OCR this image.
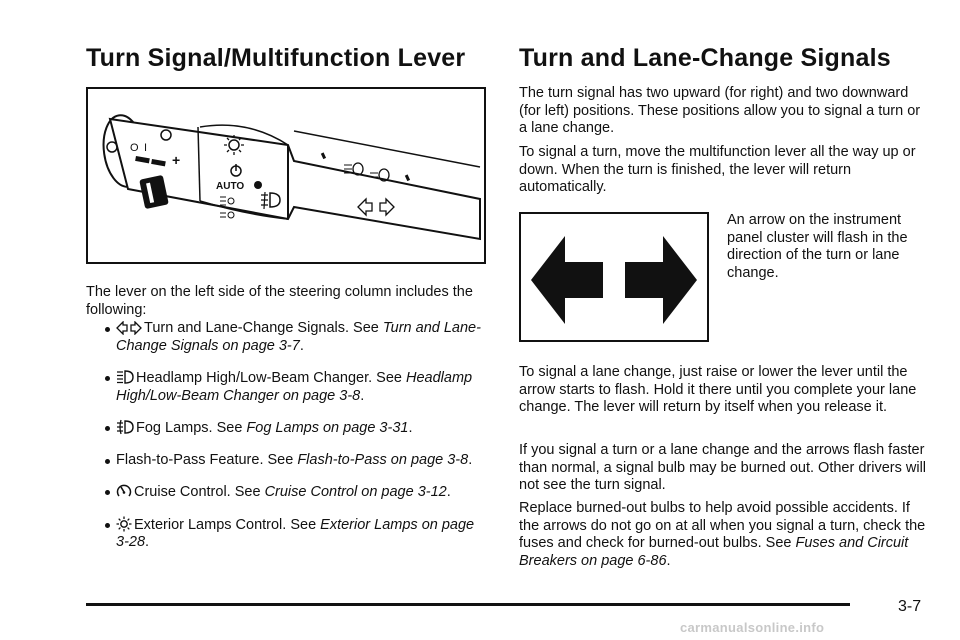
Turn Signal/Multifunction Lever
O I
+
AUTO

The lever on the left side of the steering column includes the following:

Turn and Lane-Change Signals. See Turn and Lane-Change Signals on page 3-7.
Headlamp High/Low-Beam Changer. See Headlamp High/Low-Beam Changer on page 3-8.
Fog Lamps. See Fog Lamps on page 3-31.
Flash-to-Pass Feature. See Flash-to-Pass on page 3-8.
Cruise Control. See Cruise Control on page 3-12.
Exterior Lamps Control. See Exterior Lamps on page 3-28.
Turn and Lane-Change Signals

The turn signal has two upward (for right) and two downward (for left) positions. These positions allow you to signal a turn or a lane change.

To signal a turn, move the multifunction lever all the way up or down. When the turn is finished, the lever will return automatically.

An arrow on the instrument panel cluster will flash in the direction of the turn or lane change.

To signal a lane change, just raise or lower the lever until the arrow starts to flash. Hold it there until you complete your lane change. The lever will return by itself when you release it.

If you signal a turn or a lane change and the arrows flash faster than normal, a signal bulb may be burned out. Other drivers will not see the turn signal.

Replace burned-out bulbs to help avoid possible accidents. If the arrows do not go on at all when you signal a turn, check the fuses and check for burned-out bulbs. See Fuses and Circuit Breakers on page 6-86.

3-7
carmanualsonline.info
